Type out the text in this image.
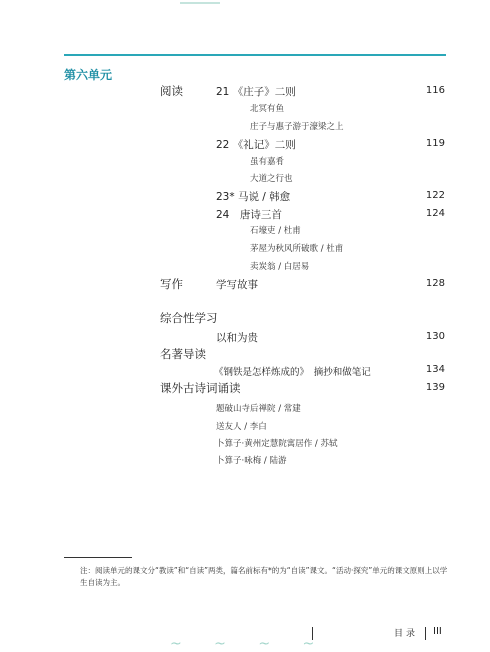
第六单元
阅读	21 《庄子》二则	116
北冥有鱼
庄子与惠子游于濠梁之上
22 《礼记》二则	119
虽有嘉肴
大道之行也
23* 马说 / 韩愈	122
24　唐诗三首	124
石壕吏 / 杜甫
茅屋为秋风所破歌 / 杜甫
卖炭翁 / 白居易
写作	学写故事	128
综合性学习
以和为贵	130
名著导读
《钢铁是怎样炼成的》　摘抄和做笔记	134
课外古诗词诵读	139
题破山寺后禅院 / 常建
送友人 / 李白
卜算子·黄州定慧院寓居作 / 苏轼
卜算子·咏梅 / 陆游
注：阅读单元的课文分“教读”和“自读”两类，篇名前标有*的为“自读”课文。“活动·探究”单元的课文原则上以学生自读为主。
目录 III
~ ~ ~ ~
